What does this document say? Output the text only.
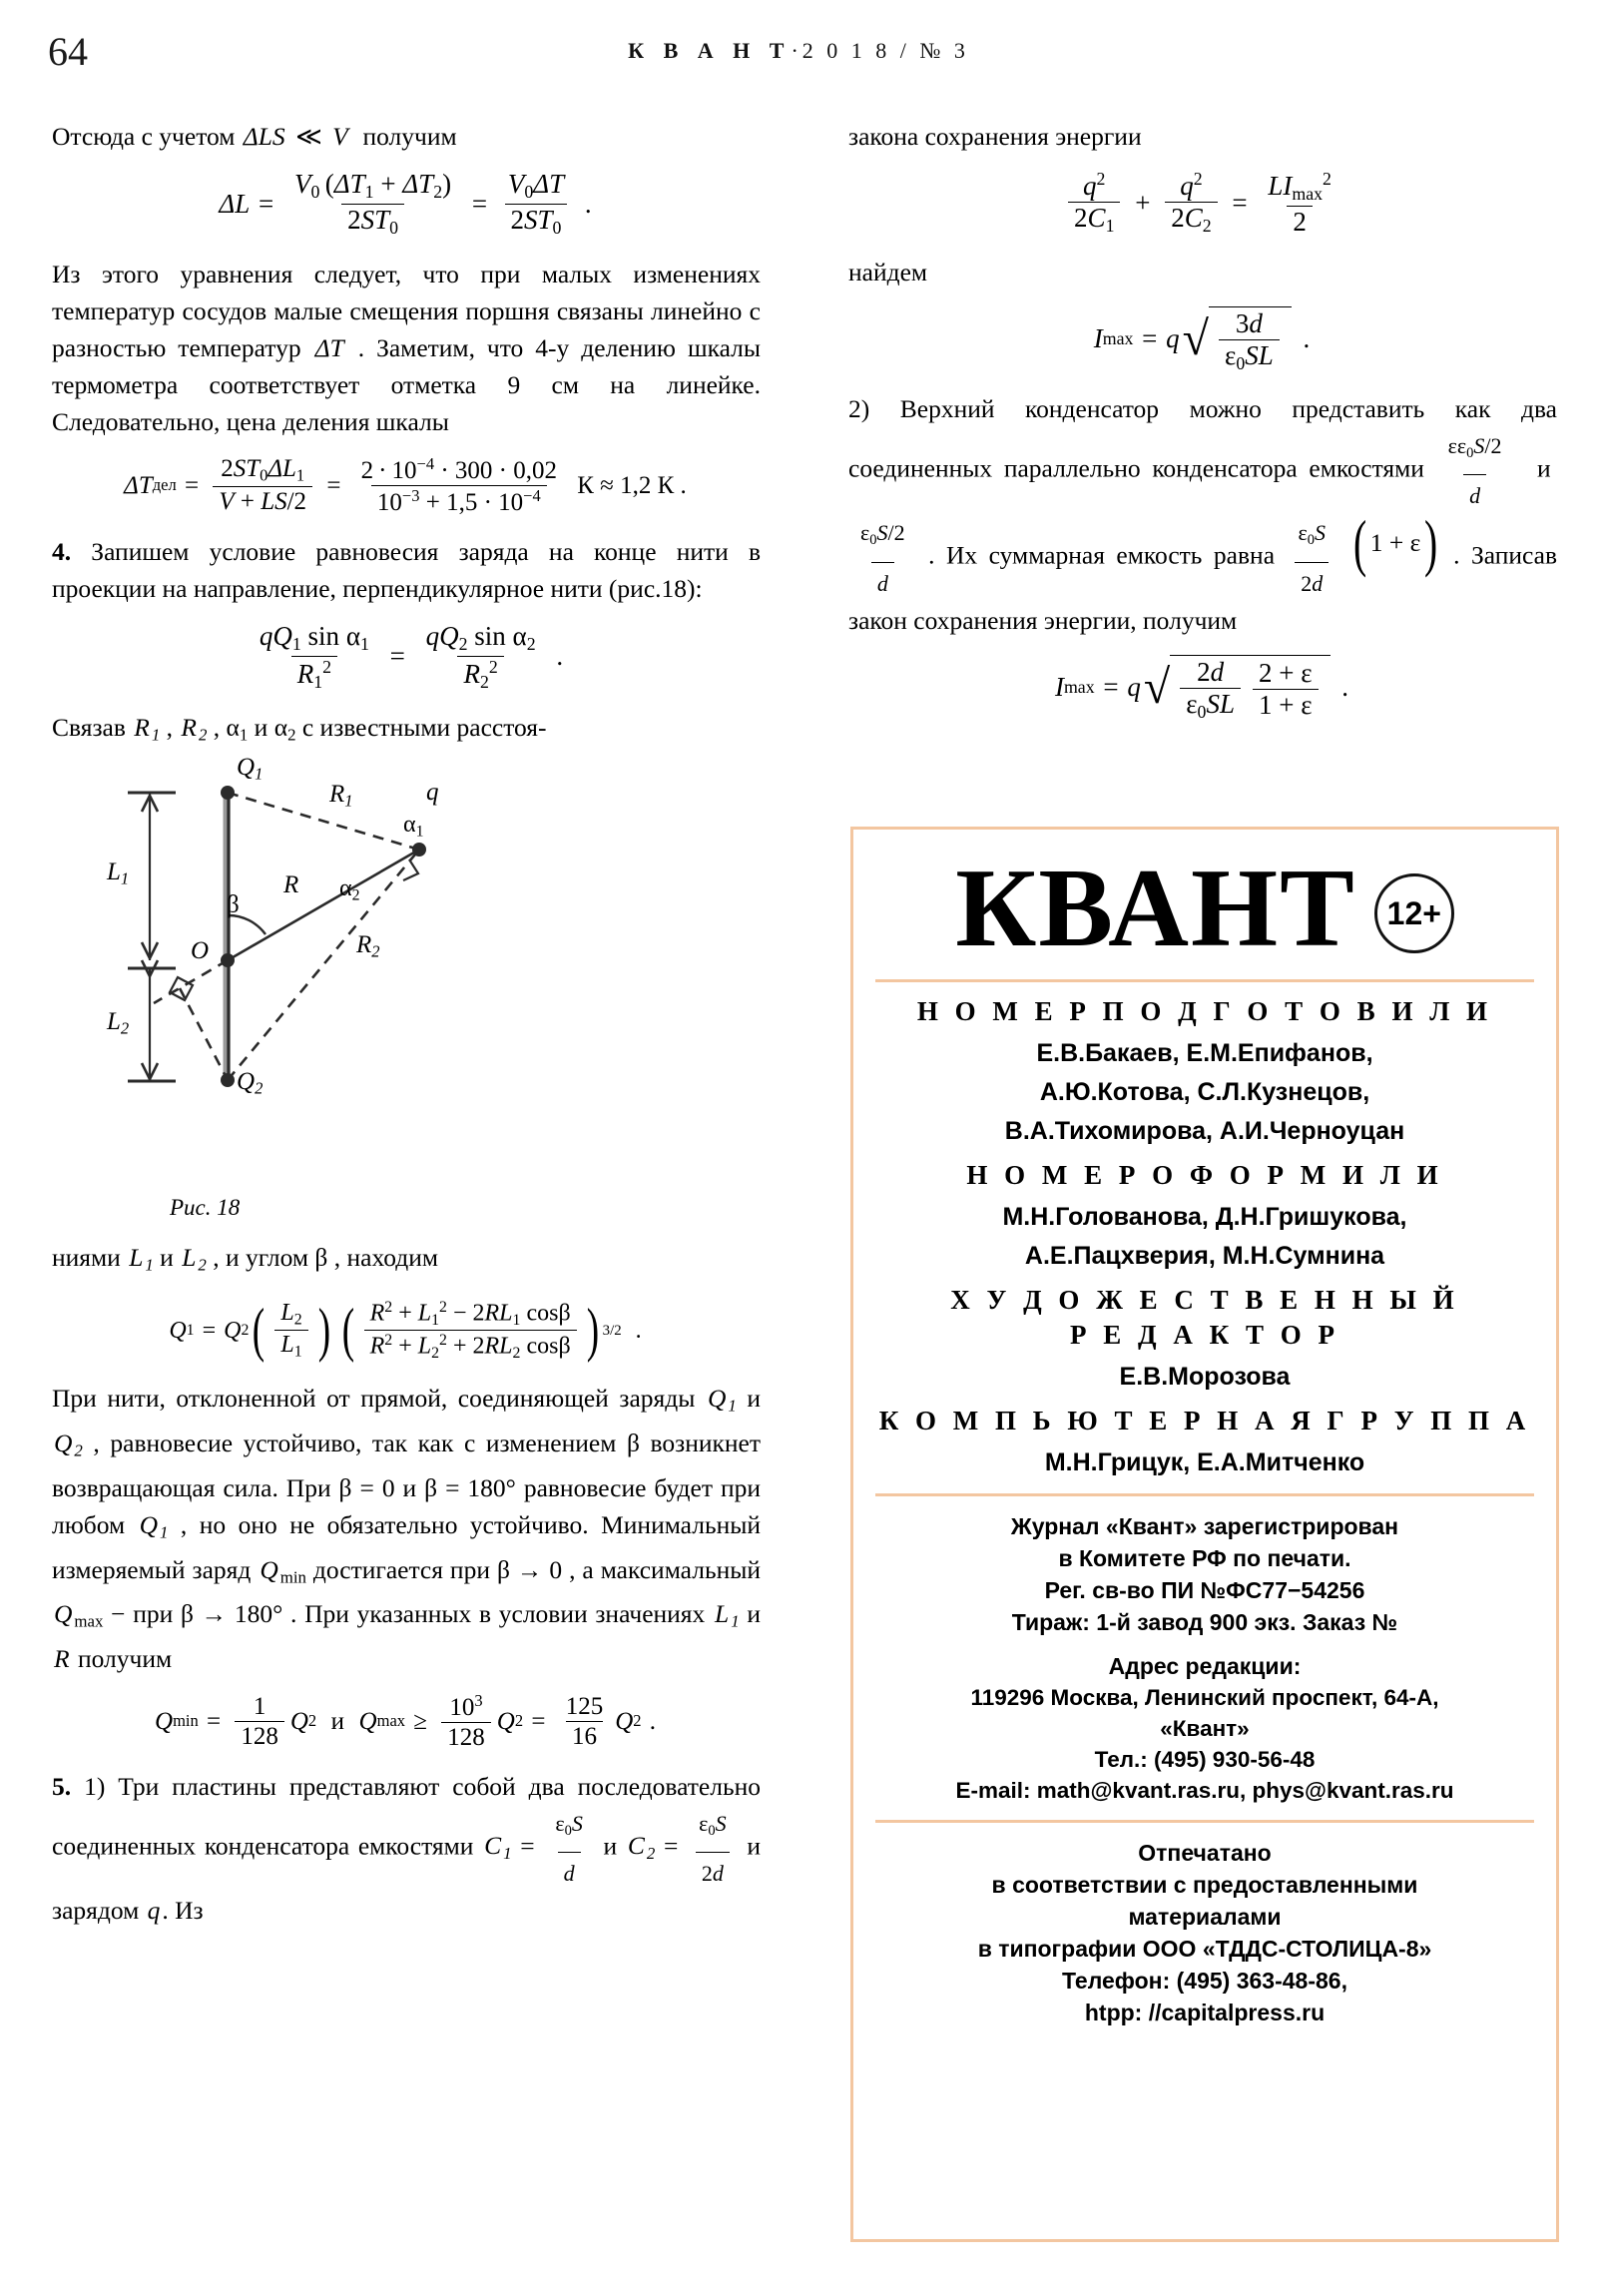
64	К В А Н Т·2 0 1 8 / № 3

Отсюда с учетом ΔLS ≪ V  получим

$\Delta L = \frac{V_0 (\Delta T_1 + \Delta T_2)}{2ST_0} = \frac{V_0\Delta T}{2ST_0}$ .

Из этого уравнения следует, что при малых изменениях температур сосудов малые смещения поршня связаны линейно с разностью температур ΔT . Заметим, что 4-у делению шкалы термометра соответствует отметка 9 см на линейке. Следовательно, цена деления шкалы

ΔT дел = $\frac{2ST_0\Delta L_1}{V + LS/2} = \frac{2 \cdot 10^{-4} \cdot 300 \cdot 0,02}{10^{-3} + 1,5 \cdot 10^{-4}}$ К ≈ 1,2 К .

4. Запишем условие равновесия заряда на конце нити в проекции на направление, перпендикулярное нити (рис.18):

$\frac{qQ_1 \sin \alpha_1}{R_1^2} = \frac{qQ_2 \sin \alpha_2}{R_2^2}$ .

Связав R $_1$ , R $_2$ , $\alpha_1$ и $\alpha_2$ с известными расстоя-

$Q_1$
$Q_2$
q
O
$R_1$
R
$R_2$
$L_1$
$L_2$
$\alpha_1$
$\alpha_2$
β
Рис. 18

ниями L $_1$ и L $_2$ , и углом β , находим

Q 1 = Q 2 ( $L_2$
$L_1$ ) ( $R^2 + L_1^2 - 2RL_1$ cosβ
$R^2 + L_2^2 + 2RL_2$ cosβ ) 3/2 .

При нити, отклоненной от прямой, соединяющей заряды Q $_1$ и Q $_2$ , равновесие устойчиво, так как с изменением β возникнет возвращающая сила. При β = 0 и β = 180° равновесие будет при любом Q $_1$ , но оно не обязательно устойчиво. Минимальный измеряемый заряд Q $_{min}$ достигается при β → 0 , а максимальный Q $_{max}$ − при β → 180° . При указанных в условии значениях L $_1$ и R получим

Q $\min = \frac{1}{128}$ Q 2 и Q $\max \ge \frac{10^3}{128}$ Q $2 = \frac{125}{16}$ Q 2 .

5. 1) Три пластины представляют собой два последовательно соединенных конденсатора емкостями C $_1 = \frac{\varepsilon_0S}{d}$ и C $_2 = \frac{\varepsilon_0S}{2d}$ и зарядом q. Из

закона сохранения энергии

$q^2$
$2C_1$
+ $\frac{q^2}{2C_2}$ =
$LI_{max}^2$
2

найдем

I max = q √ 3d
$\varepsilon_0SL$
.

2) Верхний конденсатор можно представить как два соединенных параллельно конденсатора емкостями $\frac{\varepsilon\varepsilon_0S/2}{d}$ и
$\frac{\varepsilon_0S/2}{d}$ . Их суммарная емкость равна $\frac{\varepsilon_0S}{2d}$
( 1 + ε ) . Записав закон сохранения энергии, получим

I max = q √ 2d
$\varepsilon_0SL$
2 + ε
1 + ε
.
КВАНТ 12+
Н О М Е Р П О Д Г О Т О В И Л И
Е.В.Бакаев, Е.М.Епифанов,
А.Ю.Котова, С.Л.Кузнецов,
В.А.Тихомирова, А.И.Черноуцан
Н О М Е Р О Ф О Р М И Л И
М.Н.Голованова, Д.Н.Гришукова,
А.Е.Пацхверия, М.Н.Сумнина
Х У Д О Ж Е С Т В Е Н Н Ы Й
Р Е Д А К Т О Р
Е.В.Морозова
К О М П Ь Ю Т Е Р Н А Я Г Р У П П А
М.Н.Грицук, Е.А.Митченко
Журнал «Квант» зарегистрирован
в Комитете РФ по печати.
Рег. св-во ПИ №ФС77−54256
Тираж: 1-й завод 900 экз. Заказ №
Адрес редакции:
119296 Москва, Ленинский проспект, 64-А,
«Квант»
Тел.: (495) 930-56-48
E-mail: math@kvant.ras.ru, phys@kvant.ras.ru
Отпечатано
в соответствии с предоставленными
материалами
в типографии ООО «ТДДС-СТОЛИЦА-8»
Телефон: (495) 363-48-86,
htpp: //capitalpress.ru
